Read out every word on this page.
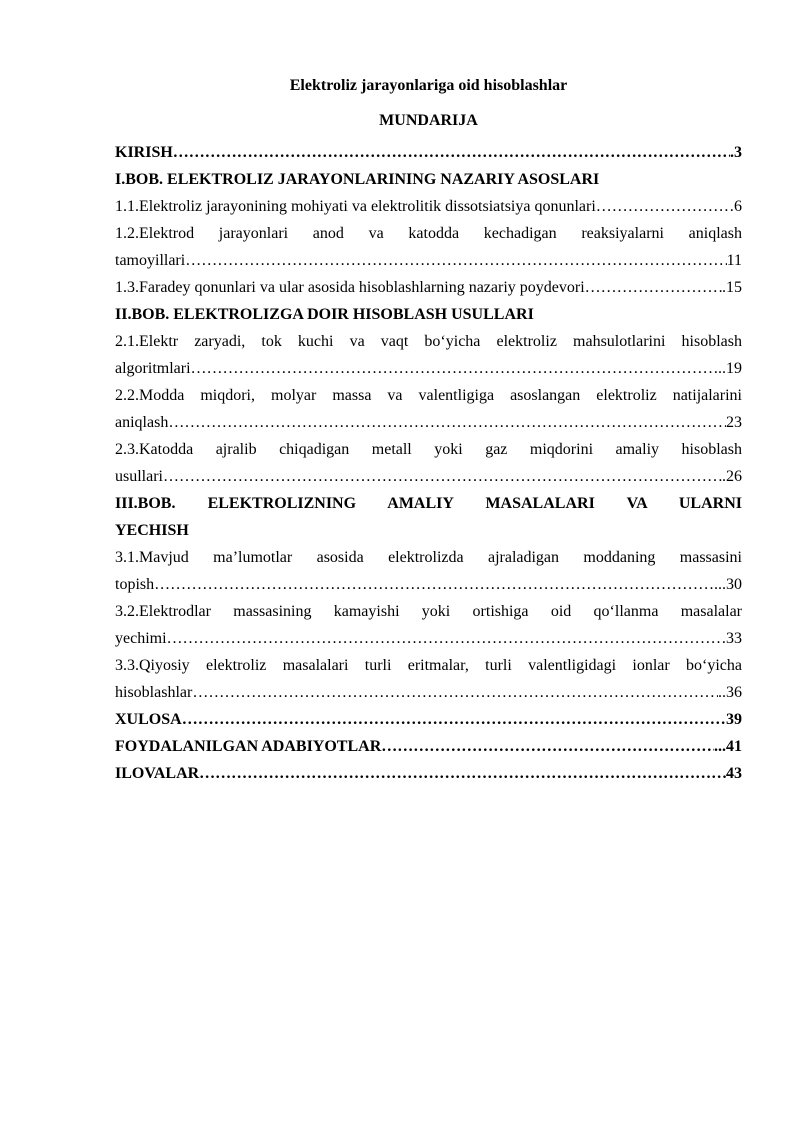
Elektroliz jarayonlariga oid hisoblashlar
MUNDARIJA
KIRISH …………………………………………………………………………………………………………………………………………………………………………………………	.3
I.BOB. ELEKTROLIZ JARAYONLARINING NAZARIY ASOSLARI
1.1.Elektroliz jarayonining mohiyati va elektrolitik dissotsiatsiya qonunlari …………………………………………………………………………………………………………………………………………………………………………………………	6
1.2.Elektrod jarayonlari anod va katodda kechadigan reaksiyalarni aniqlash
tamoyillari …………………………………………………………………………………………………………………………………………………………………………………………	11
1.3.Faradey qonunlari va ular asosida hisoblashlarning nazariy poydevori …………………………………………………………………………………………………………………………………………………………………………………………	.15
II.BOB. ELEKTROLIZGA DOIR HISOBLASH USULLARI
2.1.Elektr zaryadi, tok kuchi va vaqt bo‘yicha elektroliz mahsulotlarini hisoblash
algoritmlari …………………………………………………………………………………………………………………………………………………………………………………………	..19
2.2.Modda miqdori, molyar massa va valentligiga asoslangan elektroliz natijalarini
aniqlash …………………………………………………………………………………………………………………………………………………………………………………………	23
2.3.Katodda ajralib chiqadigan metall yoki gaz miqdorini amaliy hisoblash
usullari …………………………………………………………………………………………………………………………………………………………………………………………	.26
III.BOB. ELEKTROLIZNING AMALIY MASALALARI VA ULARNI
YECHISH
3.1.Mavjud ma’lumotlar asosida elektrolizda ajraladigan moddaning massasini
topish …………………………………………………………………………………………………………………………………………………………………………………………	...30
3.2.Elektrodlar massasining kamayishi yoki ortishiga oid qo‘llanma masalalar
yechimi …………………………………………………………………………………………………………………………………………………………………………………………	33
3.3.Qiyosiy elektroliz masalalari turli eritmalar, turli valentligidagi ionlar bo‘yicha
hisoblashlar …………………………………………………………………………………………………………………………………………………………………………………………	..36
XULOSA …………………………………………………………………………………………………………………………………………………………………………………………	39
FOYDALANILGAN ADABIYOTLAR …………………………………………………………………………………………………………………………………………………………………………………………	...41
ILOVALAR …………………………………………………………………………………………………………………………………………………………………………………………	43
